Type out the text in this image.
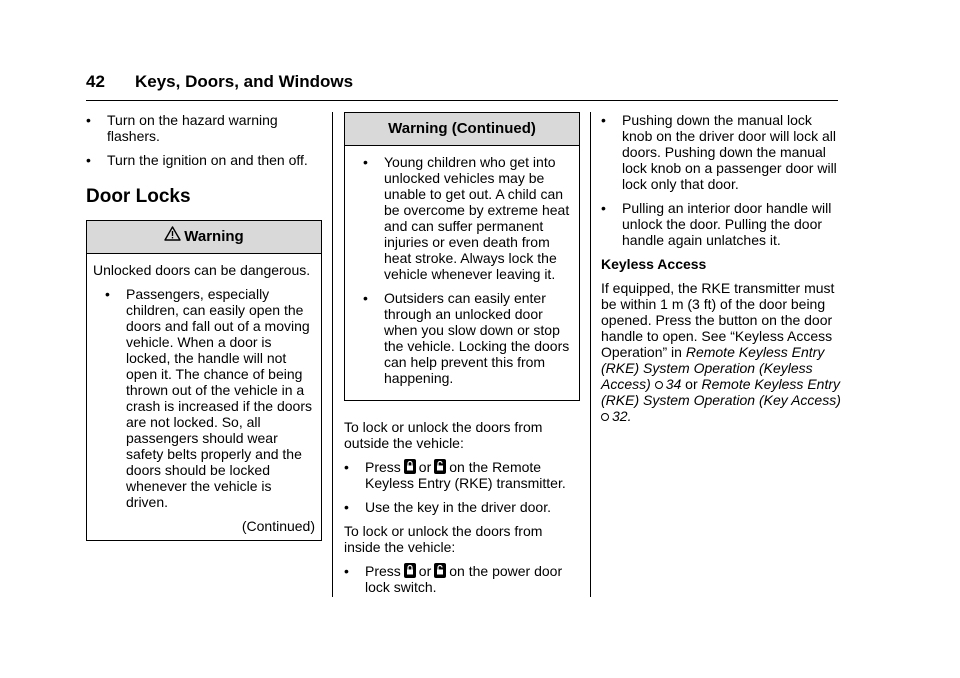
42 Keys, Doors, and Windows
• Turn on the hazard warning flashers.
• Turn the ignition on and then off.
Door Locks
Warning
Unlocked doors can be dangerous.
• Passengers, especially children, can easily open the doors and fall out of a moving vehicle. When a door is locked, the handle will not open it. The chance of being thrown out of the vehicle in a crash is increased if the doors are not locked. So, all passengers should wear safety belts properly and the doors should be locked whenever the vehicle is driven.
(Continued)
Warning (Continued)
• Young children who get into unlocked vehicles may be unable to get out. A child can be overcome by extreme heat and can suffer permanent injuries or even death from heat stroke. Always lock the vehicle whenever leaving it.
• Outsiders can easily enter through an unlocked door when you slow down or stop the vehicle. Locking the doors can help prevent this from happening.
To lock or unlock the doors from outside the vehicle:
• Press or on the Remote Keyless Entry (RKE) transmitter.
• Use the key in the driver door.
To lock or unlock the doors from inside the vehicle:
• Press or on the power door lock switch.
• Pushing down the manual lock knob on the driver door will lock all doors. Pushing down the manual lock knob on a passenger door will lock only that door.
• Pulling an interior door handle will unlock the door. Pulling the door handle again unlatches it.
Keyless Access
If equipped, the RKE transmitter must be within 1 m (3 ft) of the door being opened. Press the button on the door handle to open. See “Keyless Access Operation” in Remote Keyless Entry (RKE) System Operation (Keyless Access) 34 or Remote Keyless Entry (RKE) System Operation (Key Access) 32.
